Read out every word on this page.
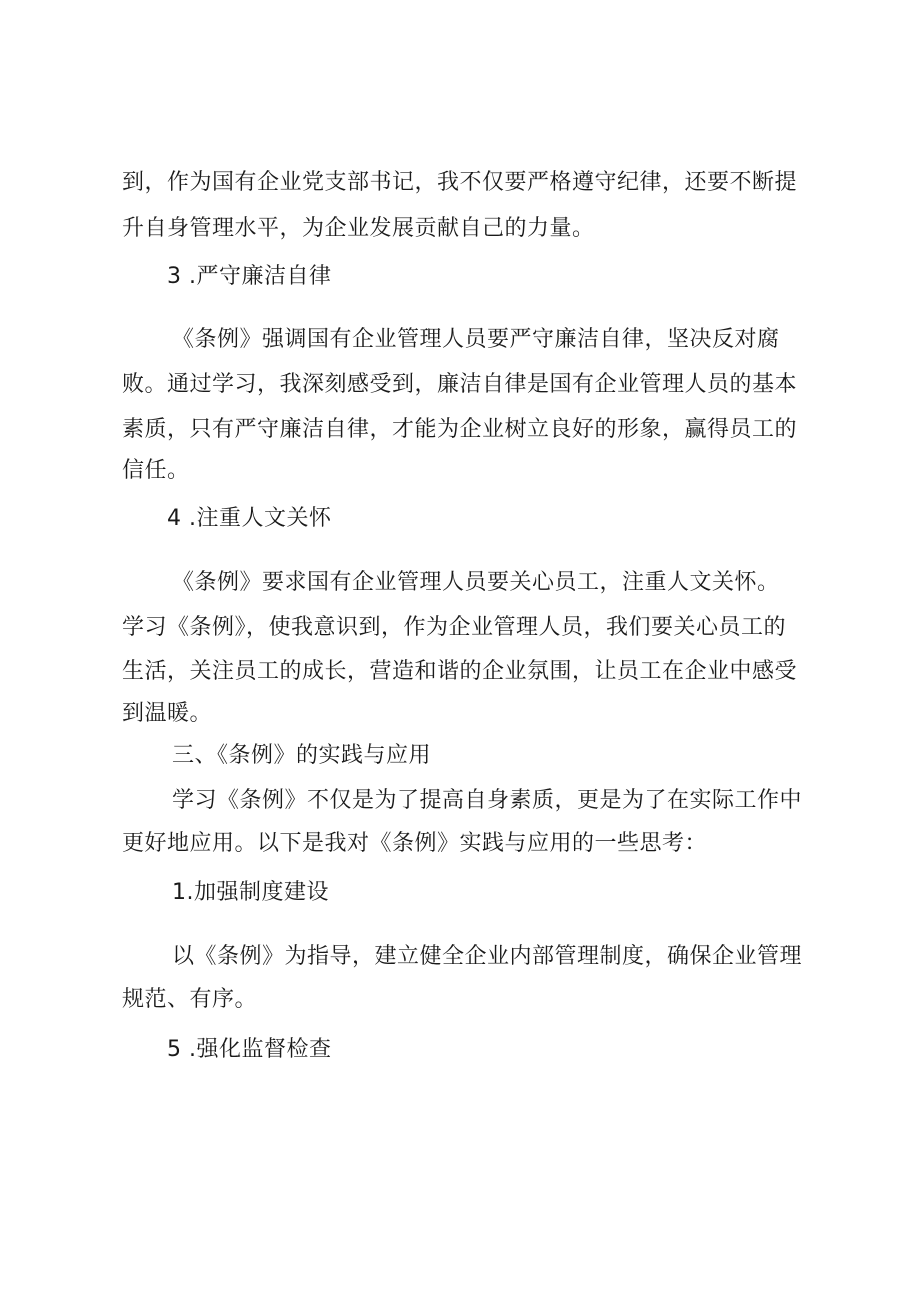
到，作为国有企业党支部书记，我不仅要严格遵守纪律，还要不断提
升自身管理水平，为企业发展贡献自己的力量。
3 .严守廉洁自律
《条例》强调国有企业管理人员要严守廉洁自律，坚决反对腐
败。通过学习，我深刻感受到，廉洁自律是国有企业管理人员的基本
素质，只有严守廉洁自律，才能为企业树立良好的形象，赢得员工的
信任。
4 .注重人文关怀
《条例》要求国有企业管理人员要关心员工，注重人文关怀。
学习《条例》，使我意识到，作为企业管理人员，我们要关心员工的
生活，关注员工的成长，营造和谐的企业氛围，让员工在企业中感受
到温暖。
三、《条例》的实践与应用
学习《条例》不仅是为了提高自身素质，更是为了在实际工作中
更好地应用。以下是我对《条例》实践与应用的一些思考：
1.加强制度建设
以《条例》为指导，建立健全企业内部管理制度，确保企业管理
规范、有序。
5 .强化监督检查
